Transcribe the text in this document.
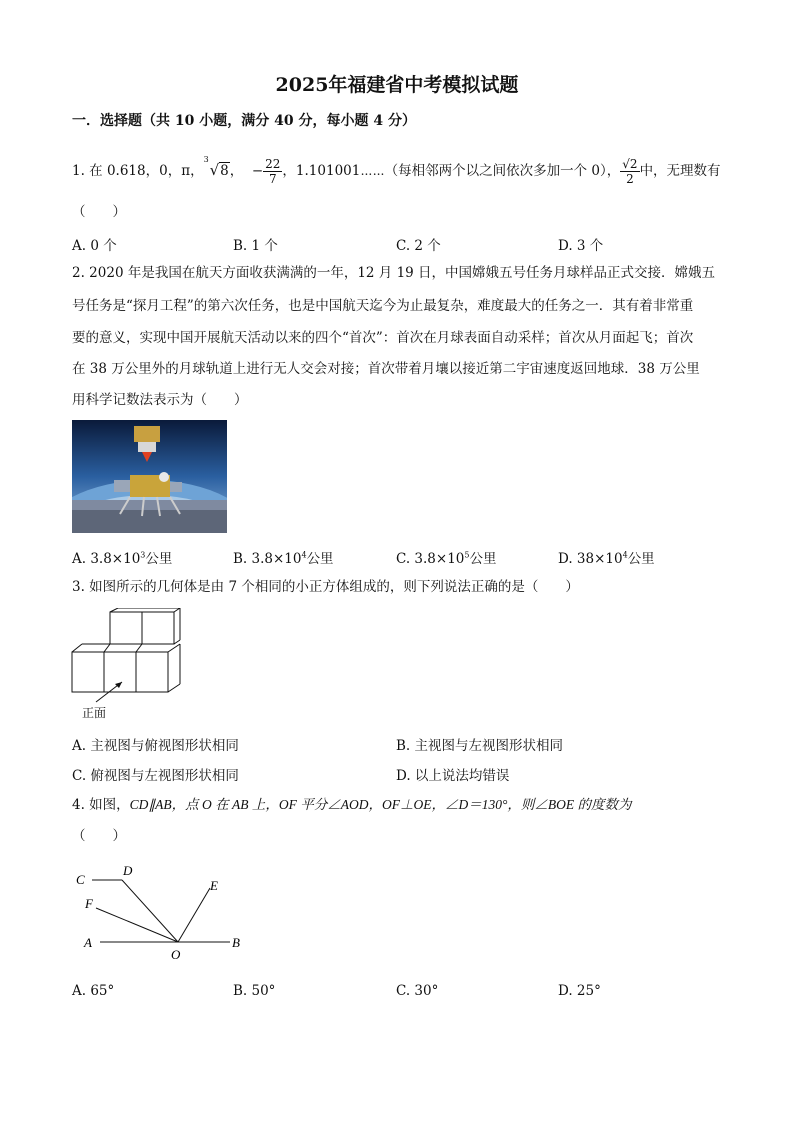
2025年福建省中考模拟试题
一．选择题（共 10 小题，满分 40 分，每小题 4 分）
1. 在 0.618，0，π，
3
√8，  − $\frac{22}{7}$ ，1.101001⋯⋯（每相邻两个以之间依次多加一个 0）， $\frac{√2}{2}$ 中，无理数有
（　　）
A. 0 个	B. 1 个	C. 2 个	D. 3 个
2. 2020 年是我国在航天方面收获满满的一年，12 月 19 日，中国嫦娥五号任务月球样品正式交接．嫦娥五
号任务是“探月工程”的第六次任务，也是中国航天迄今为止最复杂，难度最大的任务之一．其有着非常重
要的意义，实现中国开展航天活动以来的四个“首次”：首次在月球表面自动采样；首次从月面起飞；首次
在 38 万公里外的月球轨道上进行无人交会对接；首次带着月壤以接近第二宇宙速度返回地球．38 万公里
用科学记数法表示为（　　）
A. $3.8\times 10^3$公里	B. $3.8\times 10^4$公里	C. $3.8\times 10^5$公里	D. $38\times 10^4$公里
3. 如图所示的几何体是由 7 个相同的小正方体组成的，则下列说法正确的是（　　）
正面
A. 主视图与俯视图形状相同	B. 主视图与左视图形状相同
C. 俯视图与左视图形状相同	D. 以上说法均错误
4. 如图，CD∥AB，点 O 在 AB 上，OF 平分∠AOD，OF⊥OE，∠D＝130°，则∠BOE 的度数为
（　　）
C
D
E
F
A
O
B
A. 65°	B. 50°	C. 30°	D. 25°
